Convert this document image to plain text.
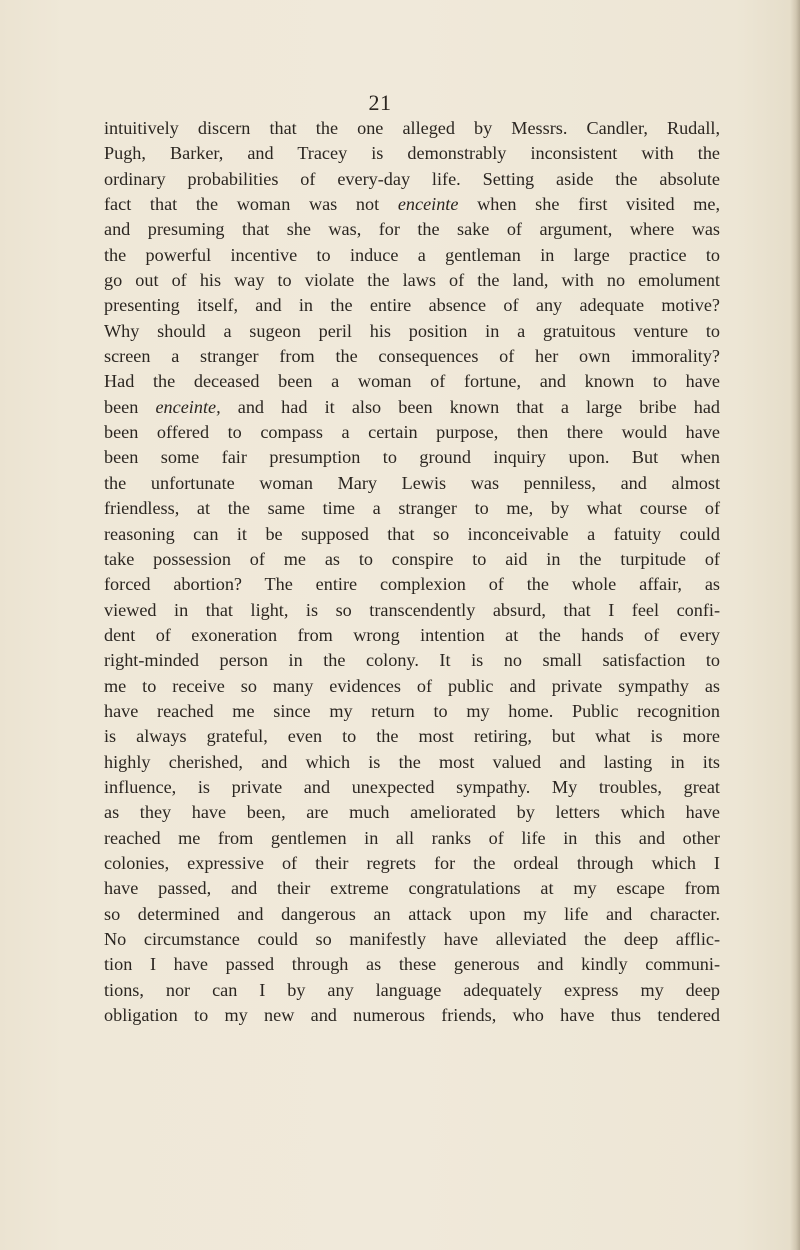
21
intuitively discern that the one alleged by Messrs. Candler, Rudall,
Pugh, Barker, and Tracey is demonstrably inconsistent with the
ordinary probabilities of every-day life. Setting aside the absolute
fact that the woman was not enceinte when she first visited me,
and presuming that she was, for the sake of argument, where was
the powerful incentive to induce a gentleman in large practice to
go out of his way to violate the laws of the land, with no emolument
presenting itself, and in the entire absence of any adequate motive?
Why should a sugeon peril his position in a gratuitous venture to
screen a stranger from the consequences of her own immorality?
Had the deceased been a woman of fortune, and known to have
been enceinte, and had it also been known that a large bribe had
been offered to compass a certain purpose, then there would have
been some fair presumption to ground inquiry upon. But when
the unfortunate woman Mary Lewis was penniless, and almost
friendless, at the same time a stranger to me, by what course of
reasoning can it be supposed that so inconceivable a fatuity could
take possession of me as to conspire to aid in the turpitude of
forced abortion? The entire complexion of the whole affair, as
viewed in that light, is so transcendently absurd, that I feel confi-
dent of exoneration from wrong intention at the hands of every
right-minded person in the colony. It is no small satisfaction to
me to receive so many evidences of public and private sympathy as
have reached me since my return to my home. Public recognition
is always grateful, even to the most retiring, but what is more
highly cherished, and which is the most valued and lasting in its
influence, is private and unexpected sympathy. My troubles, great
as they have been, are much ameliorated by letters which have
reached me from gentlemen in all ranks of life in this and other
colonies, expressive of their regrets for the ordeal through which I
have passed, and their extreme congratulations at my escape from
so determined and dangerous an attack upon my life and character.
No circumstance could so manifestly have alleviated the deep afflic-
tion I have passed through as these generous and kindly communi-
tions, nor can I by any language adequately express my deep
obligation to my new and numerous friends, who have thus tendered
